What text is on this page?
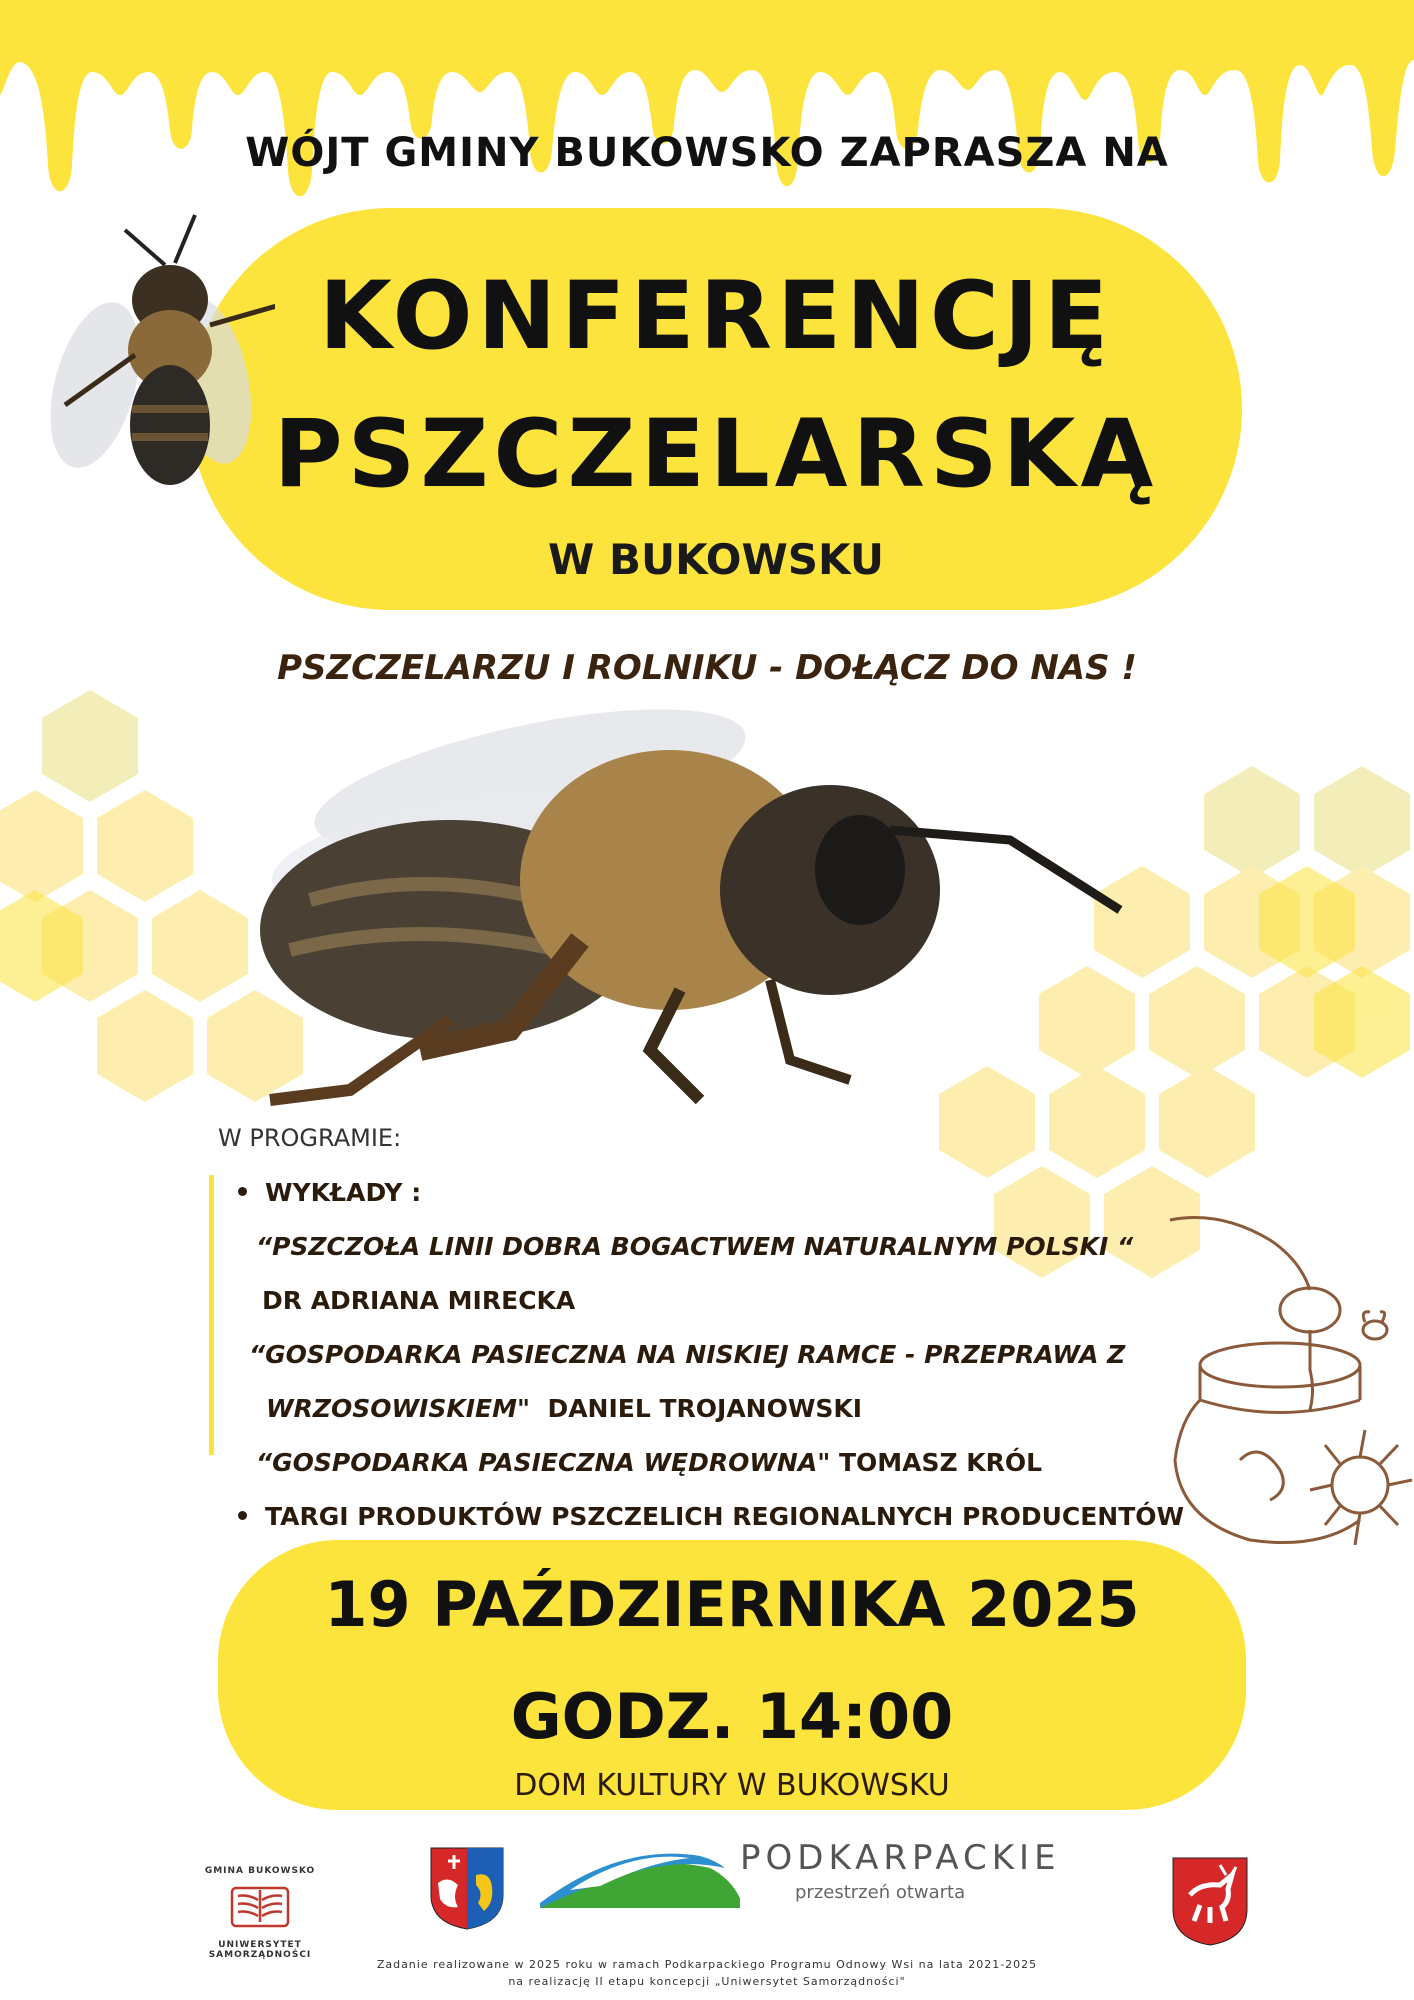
WÓJT GMINY BUKOWSKO ZAPRASZA NA
KONFERENCJĘ
PSZCZELARSKĄ
W BUKOWSKU
PSZCZELARZU I ROLNIKU - DOŁĄCZ DO NAS !
W PROGRAMIE:
WYKŁADY :
“PSZCZOŁA LINII DOBRA BOGACTWEM NATURALNYM POLSKI “
DR ADRIANA MIRECKA
“GOSPODARKA PASIECZNA NA NISKIEJ RAMCE - PRZEPRAWA Z
WRZOSOWISKIEM" DANIEL TROJANOWSKI
“GOSPODARKA PASIECZNA WĘDROWNA" TOMASZ KRÓL
TARGI PRODUKTÓW PSZCZELICH REGIONALNYCH PRODUCENTÓW
19 PAŹDZIERNIKA 2025
GODZ. 14:00
DOM KULTURY W BUKOWSKU
GMINA BUKOWSKO
UNIWERSYTET SAMORZĄDNOŚCI
PODKARPACKIE
przestrzeń otwarta
Zadanie realizowane w 2025 roku w ramach Podkarpackiego Programu Odnowy Wsi na lata 2021-2025
na realizację II etapu koncepcji „Uniwersytet Samorządności"
